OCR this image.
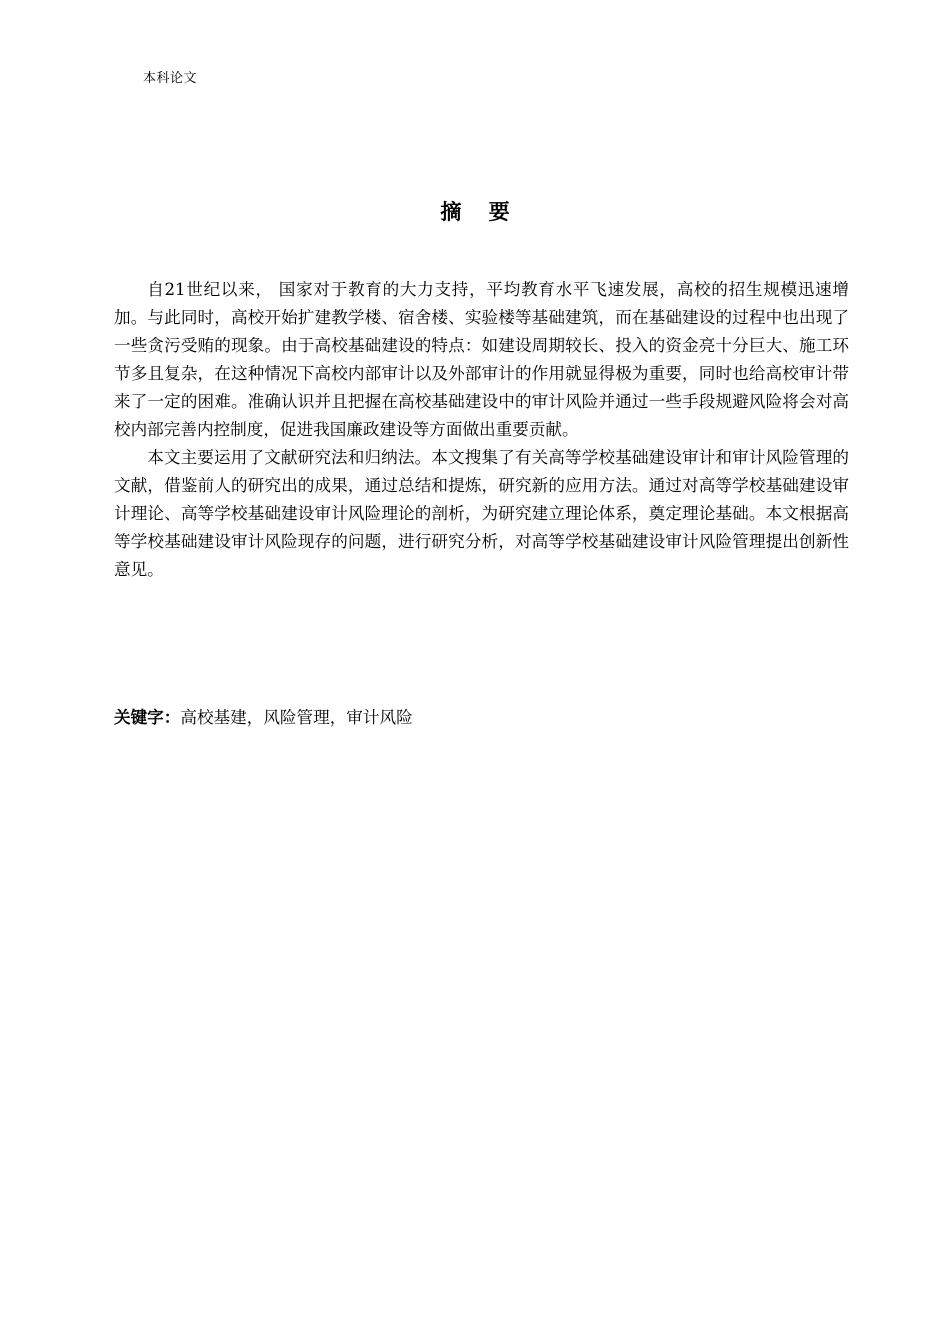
本科论文
摘 要

自21世纪以来， 国家对于教育的大力支持，平均教育水平飞速发展，高校的招生规模迅速增加。与此同时，高校开始扩建教学楼、宿舍楼、实验楼等基础建筑，而在基础建设的过程中也出现了一些贪污受贿的现象。由于高校基础建设的特点：如建设周期较长、投入的资金亮十分巨大、施工环节多且复杂，在这种情况下高校内部审计以及外部审计的作用就显得极为重要，同时也给高校审计带来了一定的困难。准确认识并且把握在高校基础建设中的审计风险并通过一些手段规避风险将会对高校内部完善内控制度，促进我国廉政建设等方面做出重要贡献。

本文主要运用了文献研究法和归纳法。本文搜集了有关高等学校基础建设审计和审计风险管理的文献，借鉴前人的研究出的成果，通过总结和提炼，研究新的应用方法。通过对高等学校基础建设审计理论、高等学校基础建设审计风险理论的剖析，为研究建立理论体系，奠定理论基础。本文根据高等学校基础建设审计风险现存的问题，进行研究分析，对高等学校基础建设审计风险管理提出创新性意见。

关键字：高校基建，风险管理，审计风险
